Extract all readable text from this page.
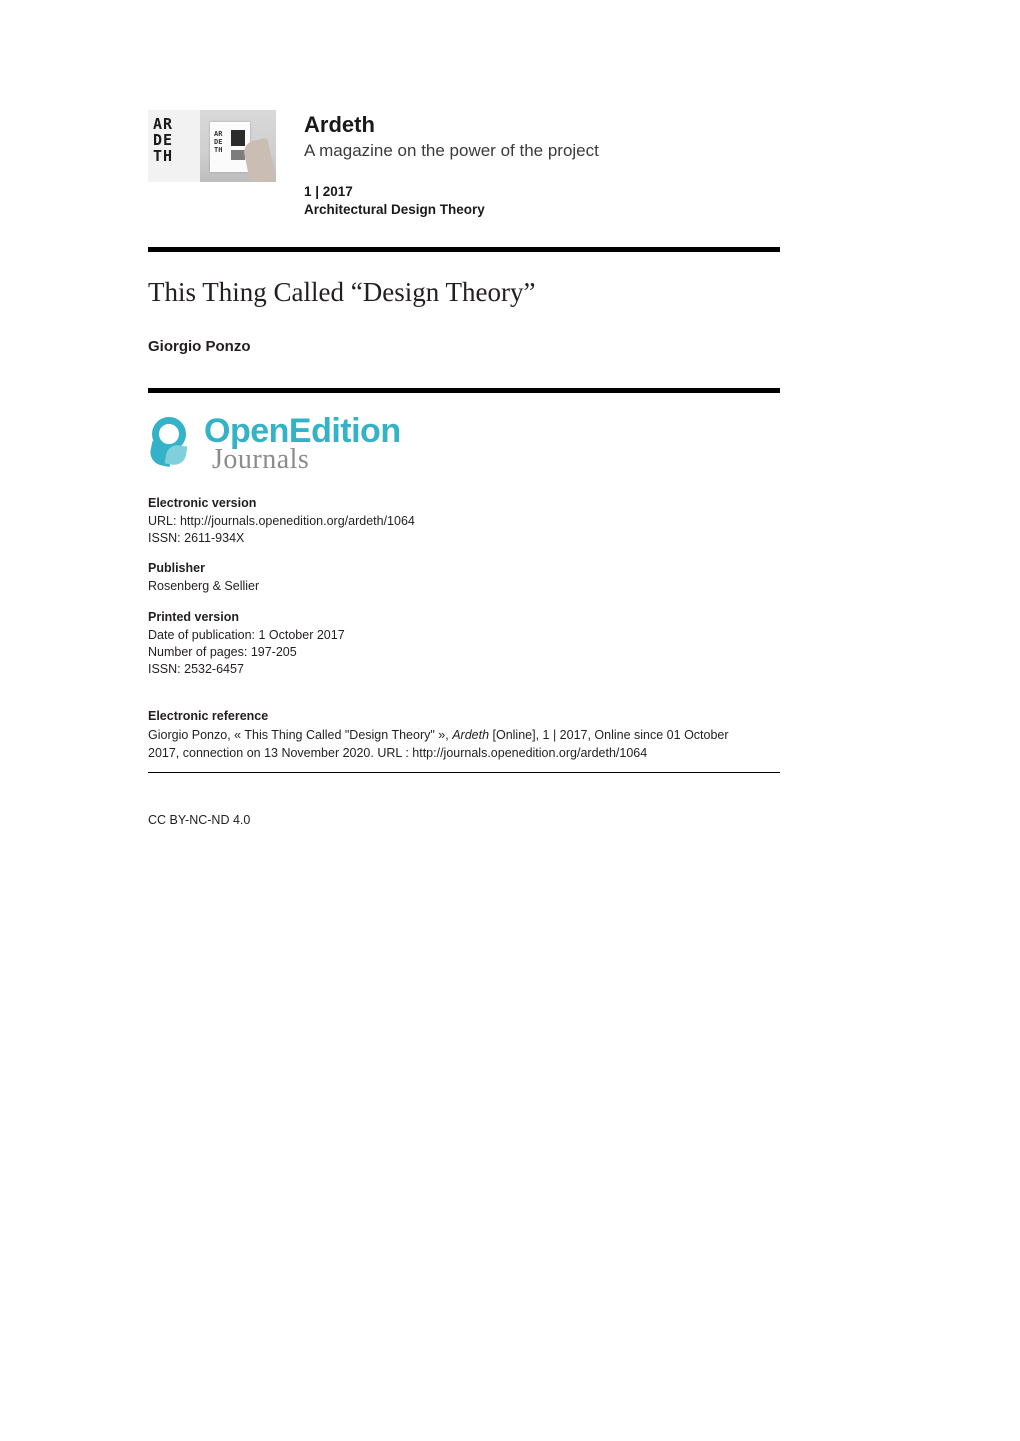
AR
DE
TH
AR
DE
TH
Ardeth
A magazine on the power of the project
1 | 2017
Architectural Design Theory
This Thing Called “Design Theory”
Giorgio Ponzo
OpenEdition
Journals
Electronic version

URL: http://journals.openedition.org/ardeth/1064

ISSN: 2611-934X

Publisher

Rosenberg & Sellier

Printed version

Date of publication: 1 October 2017

Number of pages: 197-205

ISSN: 2532-6457

Electronic reference

Giorgio Ponzo, « This Thing Called "Design Theory" », Ardeth [Online], 1 | 2017, Online since 01 October

2017, connection on 13 November 2020. URL : http://journals.openedition.org/ardeth/1064

CC BY-NC-ND 4.0
